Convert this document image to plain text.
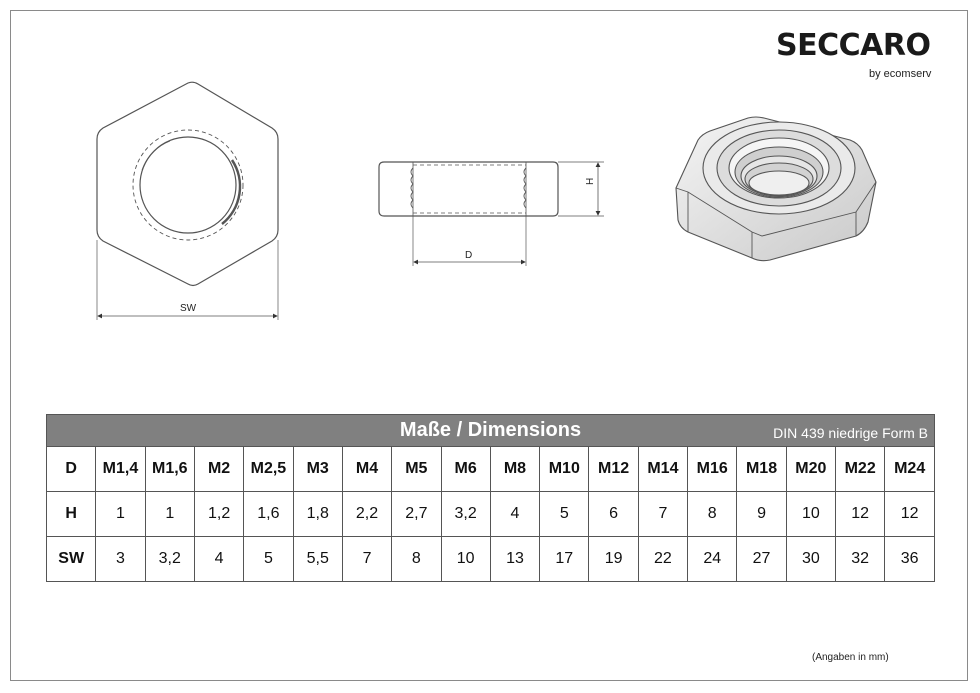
SECCARO
by ecomserv
SW
D
H
Maße / Dimensions DIN 439 niedrige Form B																	

D	M1,4	M1,6	M2	M2,5	M3	M4	M5	M6	M8	M10	M12	M14	M16	M18	M20	M22	M24
H	1	1	1,2	1,6	1,8	2,2	2,7	3,2	4	5	6	7	8	9	10	12	12
SW	3	3,2	4	5	5,5	7	8	10	13	17	19	22	24	27	30	32	36
(Angaben in mm)
